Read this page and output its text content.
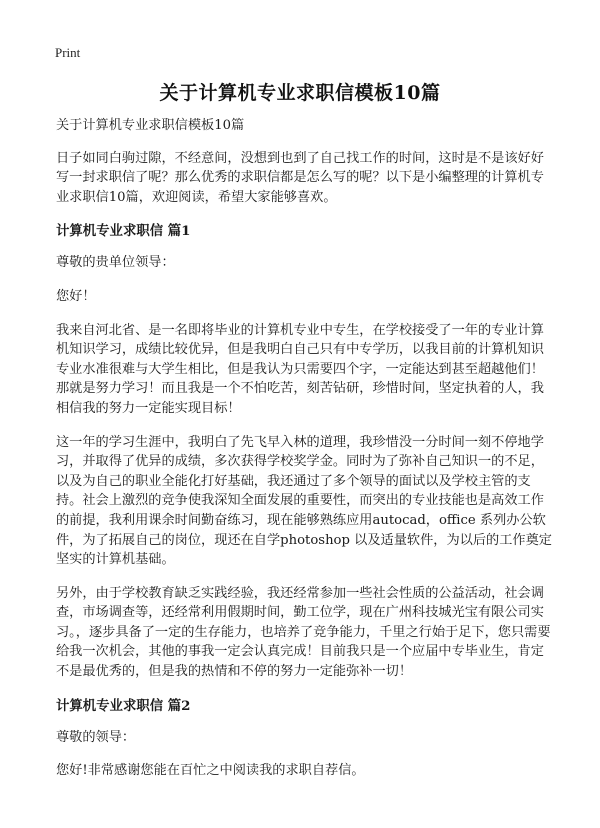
Print
关于计算机专业求职信模板10篇

关于计算机专业求职信模板10篇

日子如同白驹过隙，不经意间，没想到也到了自己找工作的时间，这时是不是该好好写一封求职信了呢？那么优秀的求职信都是怎么写的呢？以下是小编整理的计算机专业求职信10篇，欢迎阅读，希望大家能够喜欢。

计算机专业求职信 篇1

尊敬的贵单位领导：

您好！

我来自河北省、是一名即将毕业的计算机专业中专生，在学校接受了一年的专业计算机知识学习，成绩比较优异，但是我明白自己只有中专学历，以我目前的计算机知识专业水准很难与大学生相比，但是我认为只需要四个字，一定能达到甚至超越他们！那就是努力学习！而且我是一个不怕吃苦，刻苦钻研，珍惜时间，坚定执着的人，我相信我的努力一定能实现目标！

这一年的学习生涯中，我明白了先飞早入林的道理，我珍惜没一分时间一刻不停地学习，并取得了优异的成绩，多次获得学校奖学金。同时为了弥补自己知识一的不足，以及为自己的职业全能化打好基础，我还通过了多个领导的面试以及学校主管的支持。社会上激烈的竞争使我深知全面发展的重要性，而突出的专业技能也是高效工作的前提，我利用课余时间勤奋练习，现在能够熟练应用autocad，office 系列办公软件，为了拓展自己的岗位，现还在自学photoshop 以及适量软件，为以后的工作奠定坚实的计算机基础。

另外，由于学校教育缺乏实践经验，我还经常参加一些社会性质的公益活动，社会调查，市场调查等，还经常利用假期时间，勤工位学，现在广州科技城光宝有限公司实习。，逐步具备了一定的生存能力，也培养了竞争能力，千里之行始于足下，您只需要给我一次机会，其他的事我一定会认真完成！目前我只是一个应届中专毕业生，肯定不是最优秀的，但是我的热情和不停的努力一定能弥补一切！

计算机专业求职信 篇2

尊敬的领导：

您好!非常感谢您能在百忙之中阅读我的求职自荐信。
